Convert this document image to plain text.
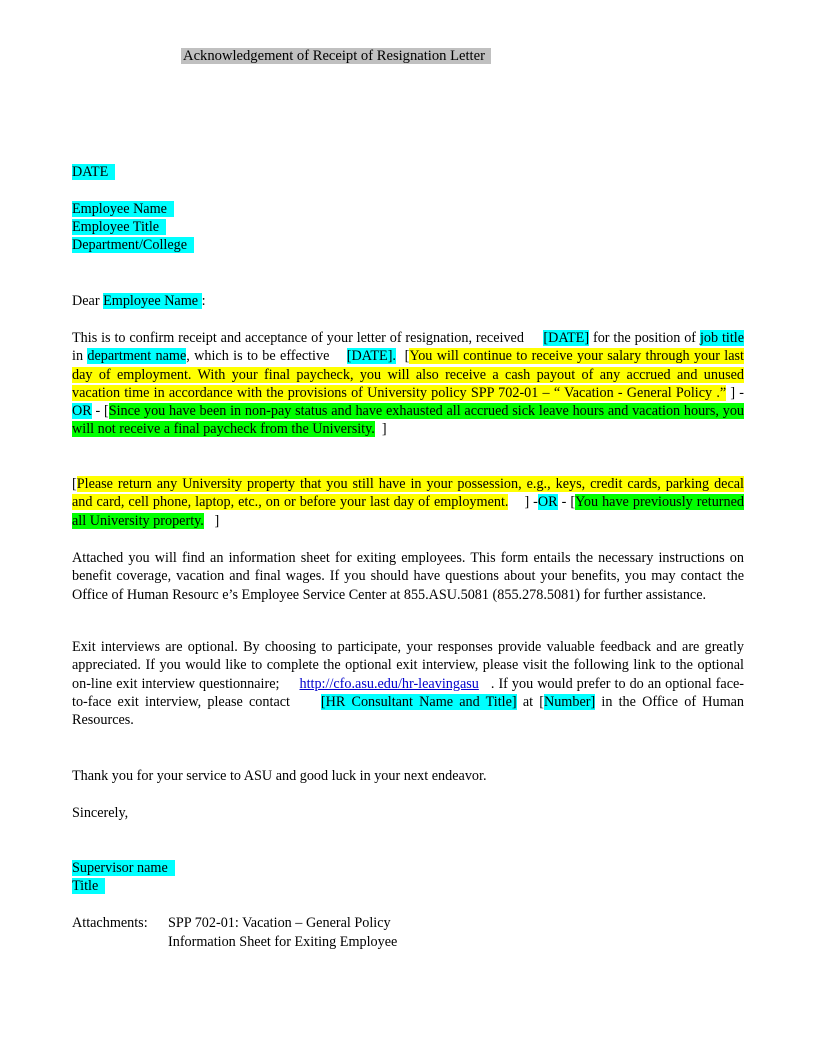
Acknowledgement of Receipt of Resignation Letter
DATE
Employee Name
Employee Title
Department/College
Dear Employee Name :
This is to confirm receipt and acceptance of your letter of resignation, received [DATE] for the position of job title in department name, which is to be effective [DATE]. [You will continue to receive your salary through your last day of employment. With your final paycheck, you will also receive a cash payout of any accrued and unused vacation time in accordance with the provisions of University policy SPP 702-01 – “ Vacation - General Policy .” ] - OR - [Since you have been in non-pay status and have exhausted all accrued sick leave hours and vacation hours, you will not receive a final paycheck from the University. ]
[Please return any University property that you still have in your possession, e.g., keys, credit cards, parking decal and card, cell phone, laptop, etc., on or before your last day of employment. ] -OR - [You have previously returned all University property. ]
Attached you will find an information sheet for exiting employees. This form entails the necessary instructions on benefit coverage, vacation and final wages. If you should have questions about your benefits, you may contact the Office of Human Resourc e’s Employee Service Center at 855.ASU.5081 (855.278.5081) for further assistance.
Exit interviews are optional. By choosing to participate, your responses provide valuable feedback and are greatly appreciated. If you would like to complete the optional exit interview, please visit the following link to the optional on-line exit interview questionnaire; http://cfo.asu.edu/hr-leavingasu . If you would prefer to do an optional face-to-face exit interview, please contact [HR Consultant Name and Title] at [Number] in the Office of Human Resources.
Thank you for your service to ASU and good luck in your next endeavor.
Sincerely,
Supervisor name
Title
Attachments: SPP 702-01: Vacation – General Policy
Information Sheet for Exiting Employee
